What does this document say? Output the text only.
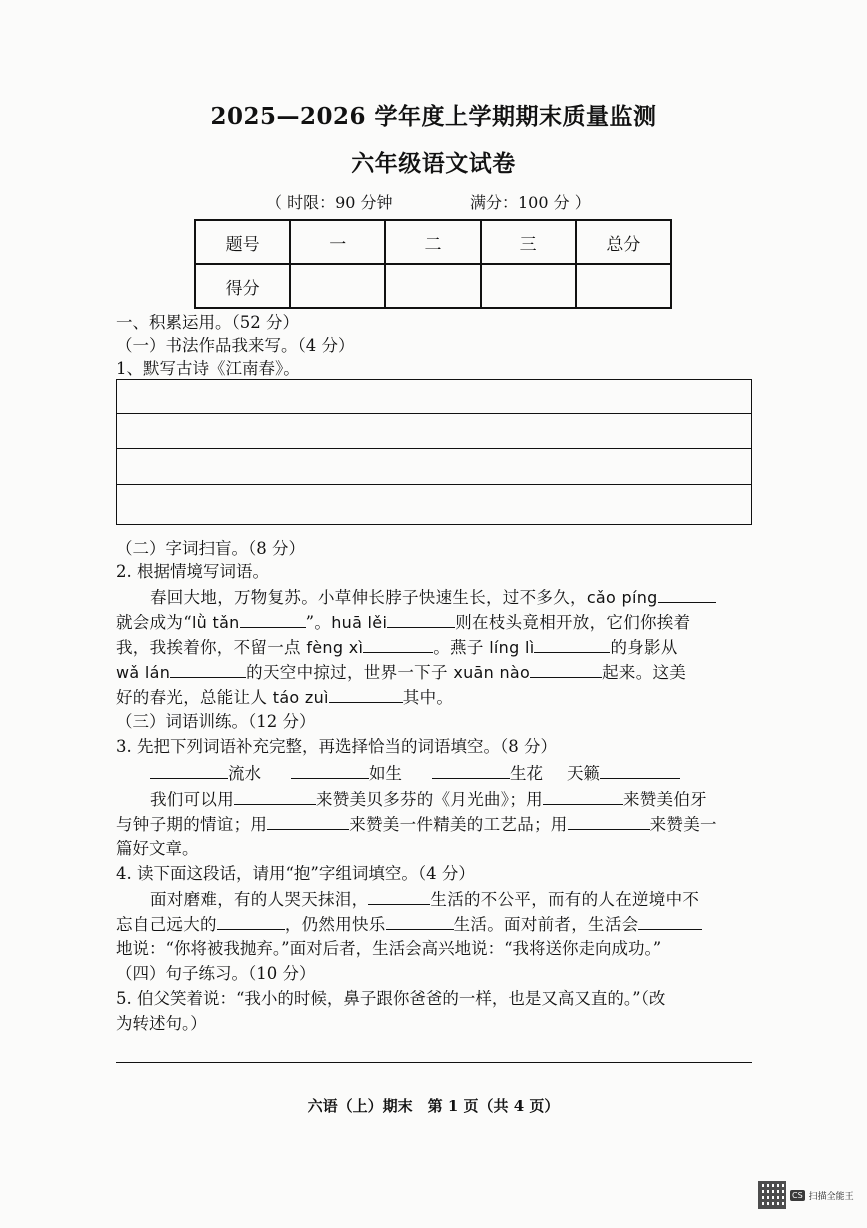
2025—2026 学年度上学期期末质量监测
六年级语文试卷
（ 时限：90 分钟	满分：100 分 ）
题号	一	二	三	总分
得分				
一、积累运用。（52 分）
（一）书法作品我来写。（4 分）
1、默写古诗《江南春》。
（二）字词扫盲。（8 分）
2. 根据情境写词语。
春回大地，万物复苏。小草伸长脖子快速生长，过不多久，cǎo píng
就会成为“lǜ tǎn	”。huā lěi	则在枝头竟相开放，它们你挨着
我，我挨着你，不留一点 fèng xì	。燕子 líng lì	的身影从
wǎ lán	的天空中掠过，世界一下子 xuān nào	起来。这美
好的春光，总能让人 táo zuì	其中。
（三）词语训练。（12 分）
3. 先把下列词语补充完整，再选择恰当的词语填空。（8 分）
流水	如生	生花 天籁
我们可以用	来赞美贝多芬的《月光曲》；用	来赞美伯牙
与钟子期的情谊；用	来赞美一件精美的工艺品；用	来赞美一
篇好文章。
4. 读下面这段话，请用“抱”字组词填空。（4 分）
面对磨难，有的人哭天抹泪，	生活的不公平，而有的人在逆境中不
忘自己远大的	，仍然用快乐	生活。面对前者，生活会
地说：“你将被我抛弃。”面对后者，生活会高兴地说：“我将送你走向成功。”
（四）句子练习。（10 分）
5. 伯父笑着说：“我小的时候，鼻子跟你爸爸的一样，也是又高又直的。”（改
为转述句。）
六语（上）期末　第 1 页（共 4 页）
CS 扫描全能王
